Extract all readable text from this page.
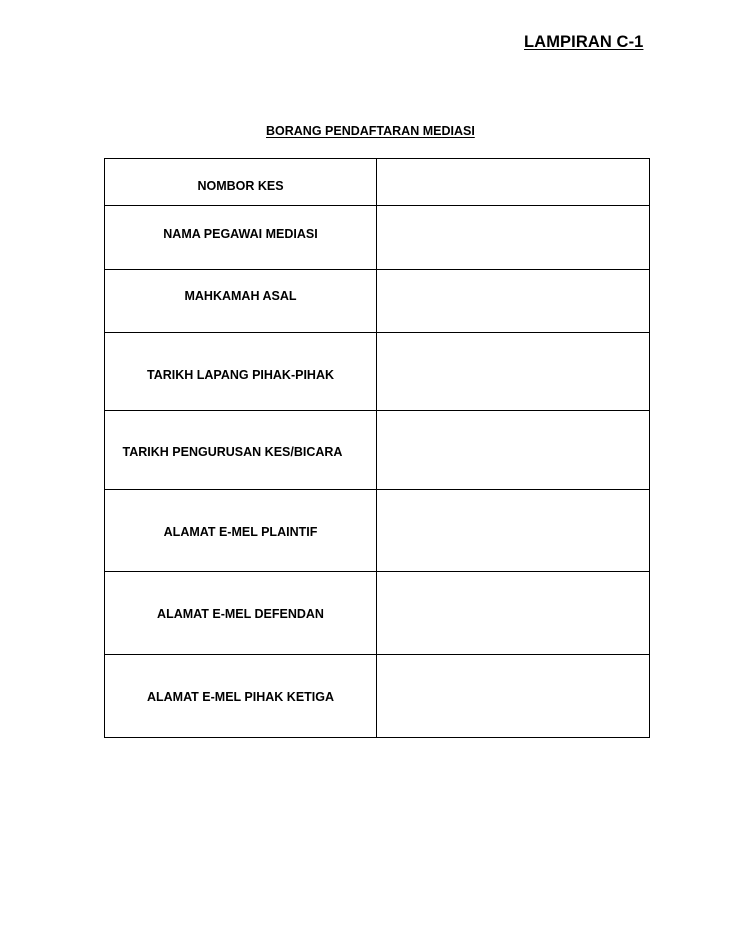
LAMPIRAN C-1
BORANG PENDAFTARAN MEDIASI
NOMBOR KES	
NAMA PEGAWAI MEDIASI	
MAHKAMAH ASAL	
TARIKH LAPANG PIHAK-PIHAK	
TARIKH PENGURUSAN KES/BICARA	
ALAMAT E-MEL PLAINTIF	
ALAMAT E-MEL DEFENDAN	
ALAMAT E-MEL PIHAK KETIGA	
